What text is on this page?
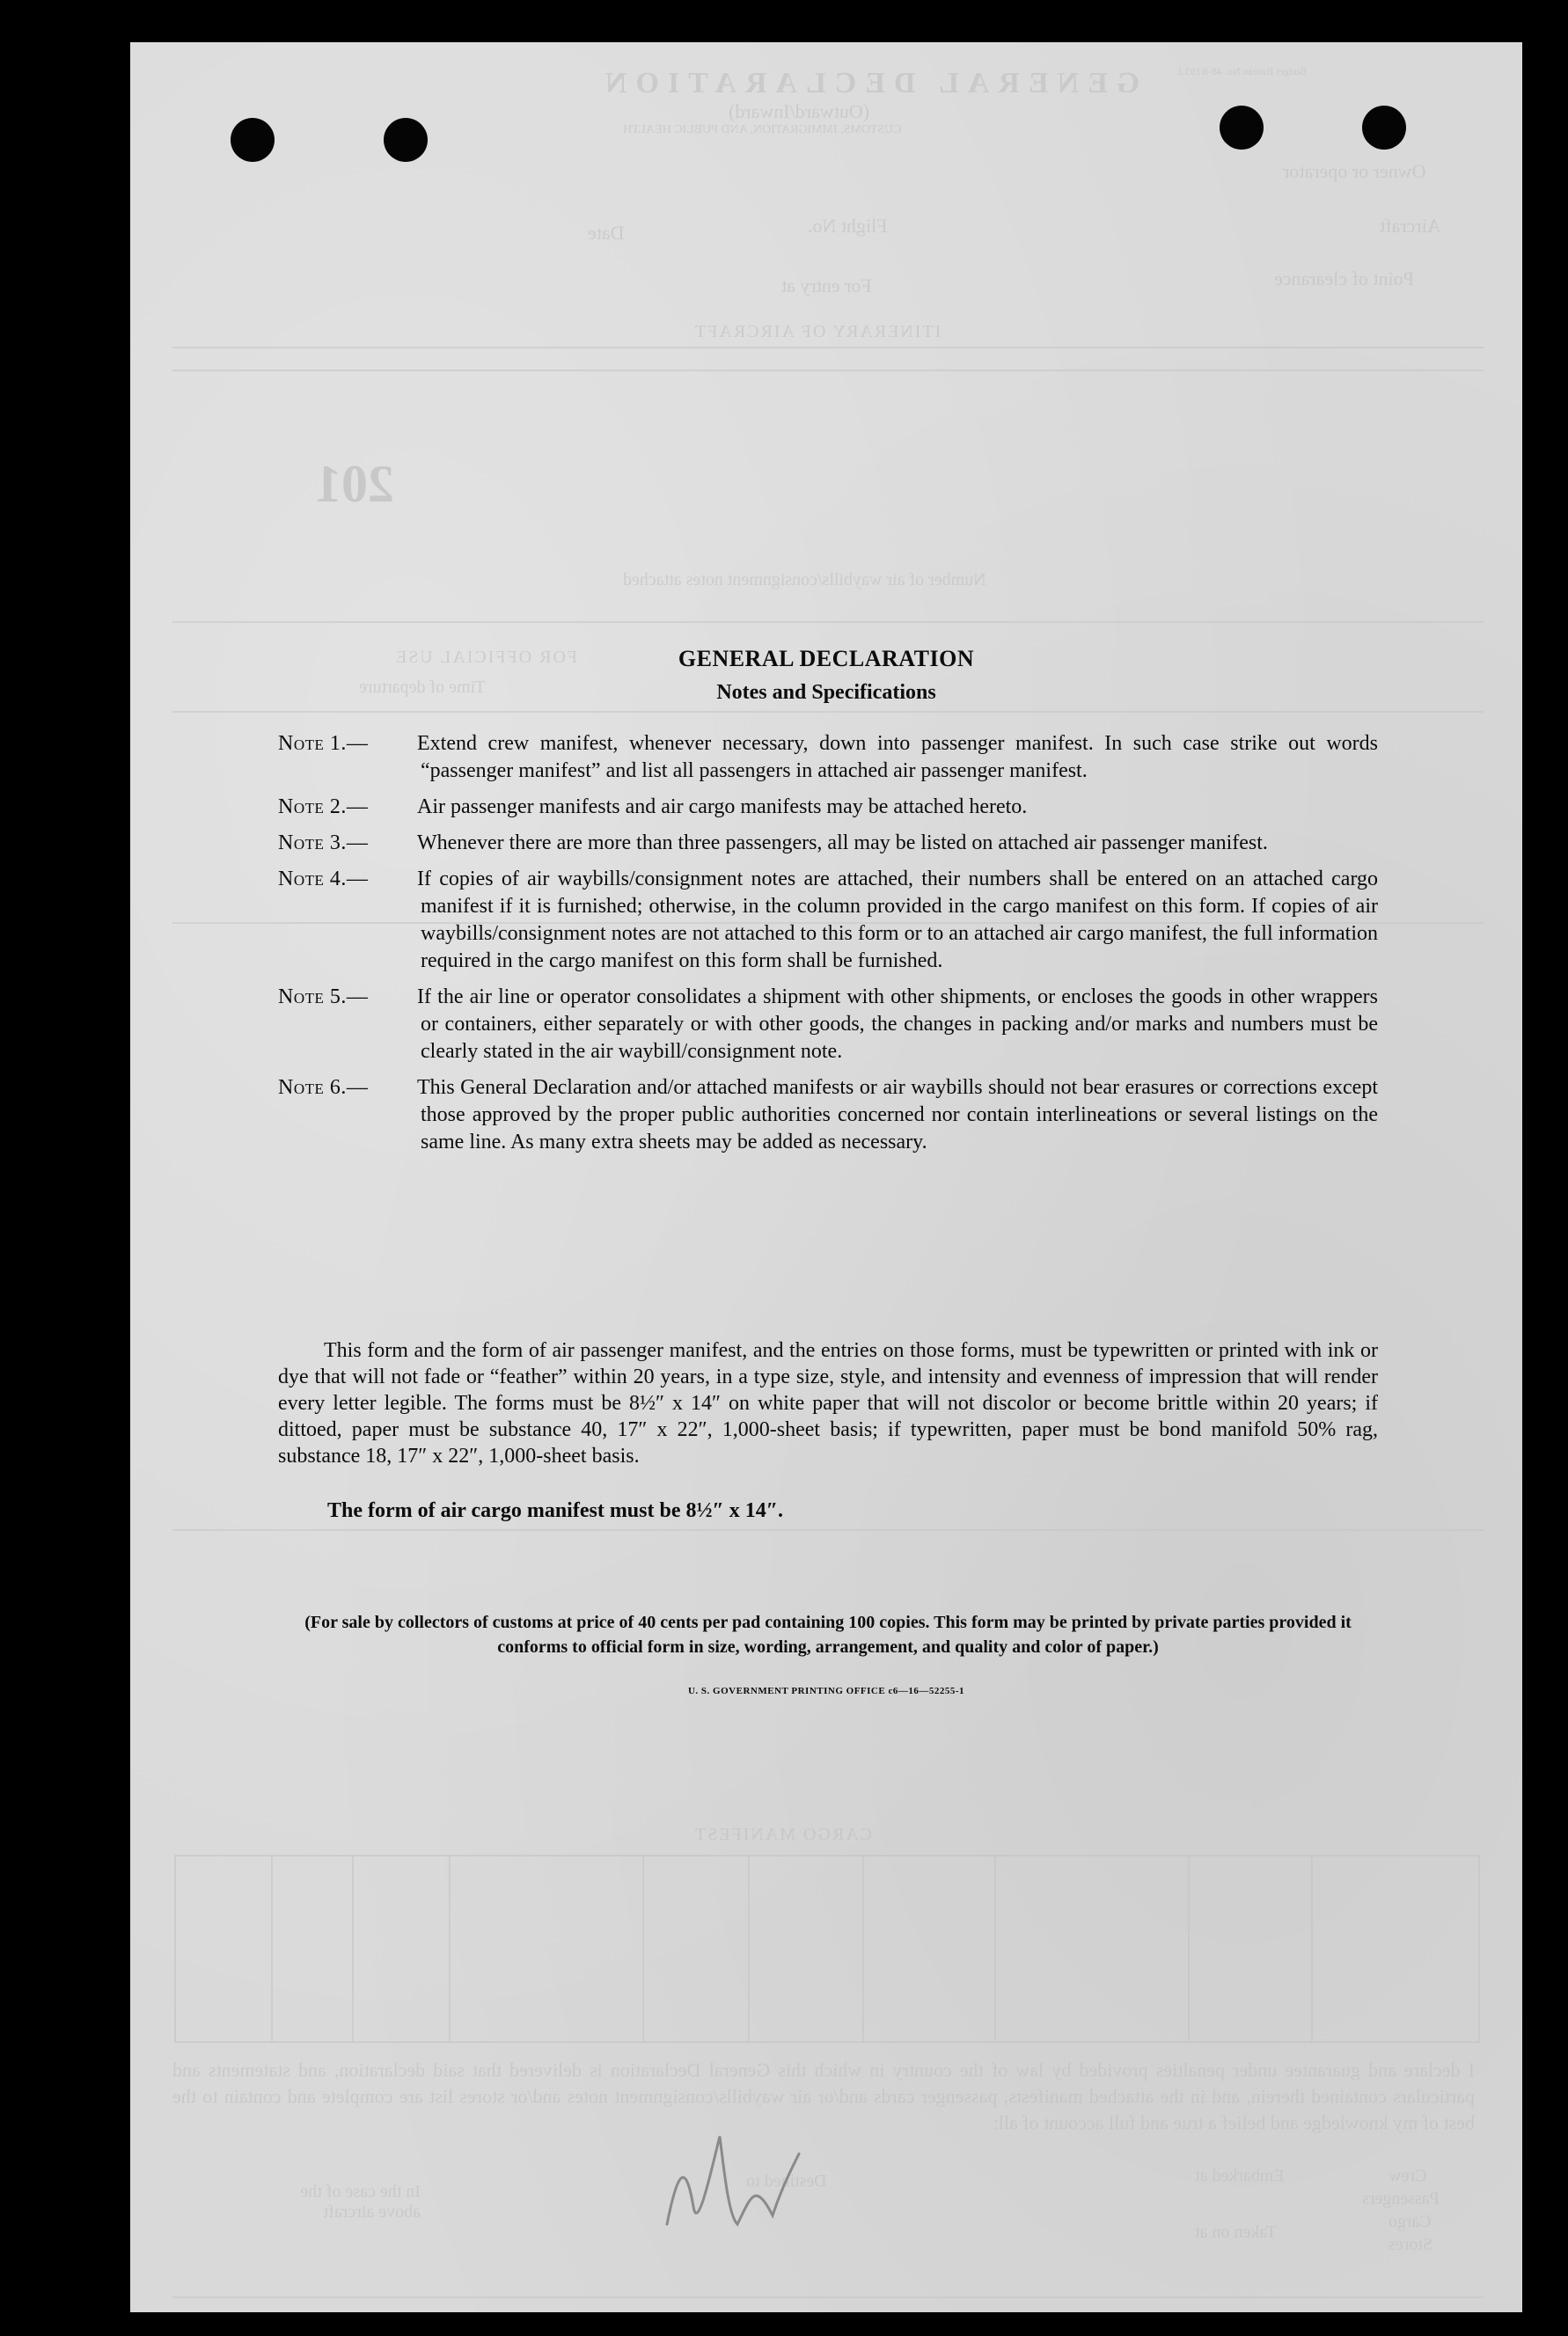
GENERAL DECLARATION
(Outward/Inward)
CUSTOMS, IMMIGRATION, AND PUBLIC HEALTH
Budget Bureau No. 48-R193.1
Owner or operator
Aircraft
Point of clearance
Flight No.
Date
For entry at
ITINERARY OF AIRCRAFT
201
Number of air waybills/consignment notes attached
FOR OFFICIAL USE
Time of departure
CARGO MANIFEST
I declare and guarantee under penalties provided by law of the country in which this General Declaration is delivered that said declaration, and statements and particulars contained therein, and in the attached manifests, passenger cards and/or air waybills/consignment notes and/or stores list are complete and contain to the best of my knowledge and belief a true and full account of all:
Crew
Passengers
Cargo
Stores
Embarked at
Destined to
Taken on at
In the case of the above aircraft
GENERAL DECLARATION
Notes and Specifications
Note 1.—	Extend crew manifest, whenever necessary, down into passenger manifest. In such case strike out words “passenger manifest” and list all passengers in attached air passenger manifest.
Note 2.—	Air passenger manifests and air cargo manifests may be attached hereto.
Note 3.—	Whenever there are more than three passengers, all may be listed on attached air passenger manifest.
Note 4.—	If copies of air waybills/consignment notes are attached, their numbers shall be entered on an attached cargo manifest if it is furnished; otherwise, in the column provided in the cargo manifest on this form. If copies of air waybills/consignment notes are not attached to this form or to an attached air cargo manifest, the full information required in the cargo manifest on this form shall be furnished.
Note 5.—	If the air line or operator consolidates a shipment with other shipments, or encloses the goods in other wrappers or containers, either separately or with other goods, the changes in packing and/or marks and numbers must be clearly stated in the air waybill/consignment note.
Note 6.—	This General Declaration and/or attached manifests or air waybills should not bear erasures or corrections except those approved by the proper public authorities concerned nor contain interlineations or several listings on the same line. As many extra sheets may be added as necessary.
This form and the form of air passenger manifest, and the entries on those forms, must be typewritten or printed with ink or dye that will not fade or “feather” within 20 years, in a type size, style, and intensity and evenness of impression that will render every letter legible. The forms must be 8½″ x 14″ on white paper that will not discolor or become brittle within 20 years; if dittoed, paper must be substance 40, 17″ x 22″, 1,000-sheet basis; if typewritten, paper must be bond manifold 50% rag, substance 18, 17″ x 22″, 1,000-sheet basis.
The form of air cargo manifest must be 8½″ x 14″.
(For sale by collectors of customs at price of 40 cents per pad containing 100 copies. This form may be printed by private parties provided it conforms to official form in size, wording, arrangement, and quality and color of paper.)
U. S. GOVERNMENT PRINTING OFFICE c6—16—52255-1
